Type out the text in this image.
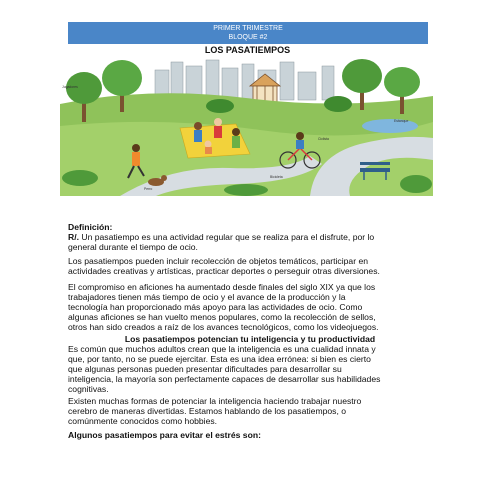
PRIMER TRIMESTRE
BLOQUE #2
LOS PASATIEMPOS
Jugadores
Estanque
Bicicleta
Ciclista
Perro
Definición:
R/. Un pasatiempo es una actividad regular que se realiza para el disfrute, por lo
general durante el tiempo de ocio.
Los pasatiempos pueden incluir recolección de objetos temáticos, participar en
actividades creativas y artísticas, practicar deportes o perseguir otras diversiones.
El compromiso en aficiones ha aumentado desde finales del siglo XIX ya que los
trabajadores tienen más tiempo de ocio y el avance de la producción y la
tecnología han proporcionado más apoyo para las actividades de ocio. Como
algunas aficiones se han vuelto menos populares, como la recolección de sellos,
otros han sido creados a raíz de los avances tecnológicos, como los videojuegos.
Los pasatiempos potencian tu inteligencia y tu productividad
Es común que muchos adultos crean que la inteligencia es una cualidad innata y
que, por tanto, no se puede ejercitar. Esta es una idea errónea: si bien es cierto
que algunas personas pueden presentar dificultades para desarrollar su
inteligencia, la mayoría son perfectamente capaces de desarrollar sus habilidades
cognitivas.
Existen muchas formas de potenciar la inteligencia haciendo trabajar nuestro
cerebro de maneras divertidas. Estamos hablando de los pasatiempos, o
comúnmente conocidos como hobbies.
Algunos pasatiempos para evitar el estrés son:
